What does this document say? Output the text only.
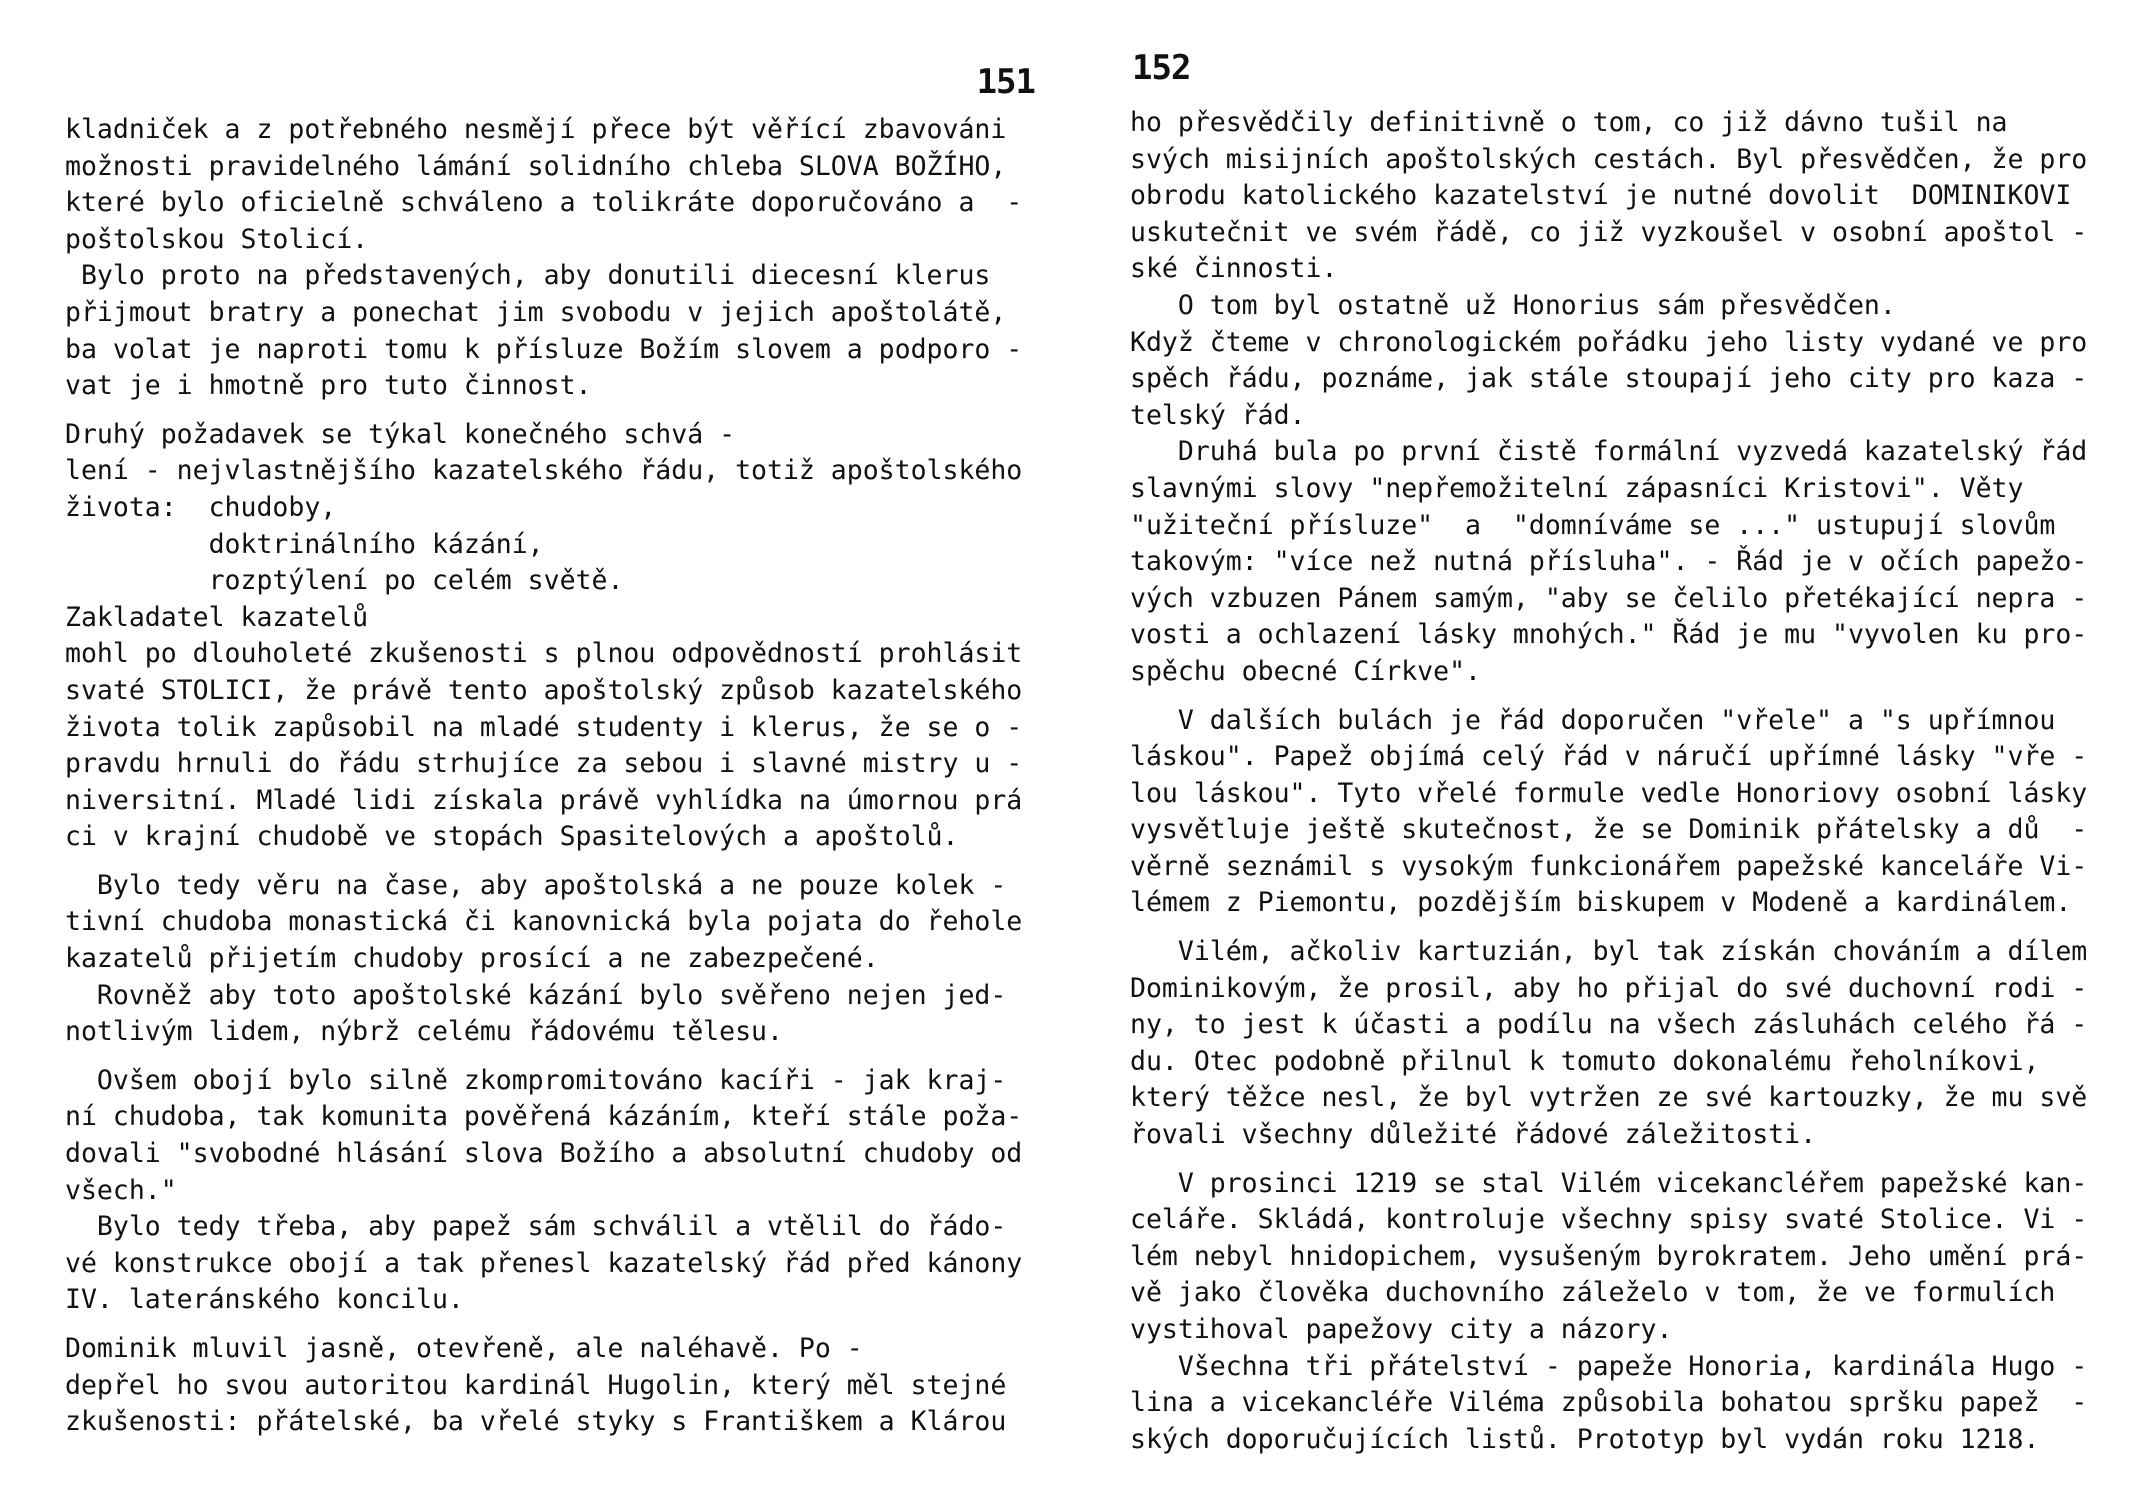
151
kladniček a z potřebného nesmějí přece být věřící zbavováni
možnosti pravidelného lámání solidního chleba SLOVA BOŽÍHO,
které bylo oficielně schváleno a tolikráte doporučováno a  -
poštolskou Stolicí.
Bylo proto na představených, aby donutili diecesní klerus
přijmout bratry a ponechat jim svobodu v jejich apoštolátě,
ba volat je naproti tomu k přísluze Božím slovem a podporo -
vat je i hmotně pro tuto činnost.
Druhý požadavek se týkal konečného schvá -
lení - nejvlastnějšího kazatelského řádu, totiž apoštolského
života:  chudoby,
doktrinálního kázání,
rozptýlení po celém světě.
Zakladatel kazatelů
mohl po dlouholeté zkušenosti s plnou odpovědností prohlásit
svaté STOLICI, že právě tento apoštolský způsob kazatelského
života tolik zapůsobil na mladé studenty i klerus, že se o -
pravdu hrnuli do řádu strhujíce za sebou i slavné mistry u -
niversitní. Mladé lidi získala právě vyhlídka na úmornou prá
ci v krajní chudobě ve stopách Spasitelových a apoštolů.
Bylo tedy věru na čase, aby apoštolská a ne pouze kolek -
tivní chudoba monastická či kanovnická byla pojata do řehole
kazatelů přijetím chudoby prosící a ne zabezpečené.
Rovněž aby toto apoštolské kázání bylo svěřeno nejen jed-
notlivým lidem, nýbrž celému řádovému tělesu.
Ovšem obojí bylo silně zkompromitováno kacíři - jak kraj-
ní chudoba, tak komunita pověřená kázáním, kteří stále poža-
dovali "svobodné hlásání slova Božího a absolutní chudoby od
všech."
Bylo tedy třeba, aby papež sám schválil a vtělil do řádo-
vé konstrukce obojí a tak přenesl kazatelský řád před kánony
IV. lateránského koncilu.
Dominik mluvil jasně, otevřeně, ale naléhavě. Po -
depřel ho svou autoritou kardinál Hugolin, který měl stejné
zkušenosti: přátelské, ba vřelé styky s Františkem a Klárou
152
ho přesvědčily definitivně o tom, co již dávno tušil na
svých misijních apoštolských cestách. Byl přesvědčen, že pro
obrodu katolického kazatelství je nutné dovolit  DOMINIKOVI
uskutečnit ve svém řádě, co již vyzkoušel v osobní apoštol -
ské činnosti.
O tom byl ostatně už Honorius sám přesvědčen.
Když čteme v chronologickém pořádku jeho listy vydané ve pro
spěch řádu, poznáme, jak stále stoupají jeho city pro kaza -
telský řád.
Druhá bula po první čistě formální vyzvedá kazatelský řád
slavnými slovy "nepřemožitelní zápasníci Kristovi". Věty
"užiteční přísluze"  a  "domníváme se ..." ustupují slovům
takovým: "více než nutná přísluha". - Řád je v očích papežo-
vých vzbuzen Pánem samým, "aby se čelilo přetékající nepra -
vosti a ochlazení lásky mnohých." Řád je mu "vyvolen ku pro-
spěchu obecné Církve".
V dalších bulách je řád doporučen "vřele" a "s upřímnou
láskou". Papež objímá celý řád v náručí upřímné lásky "vře -
lou láskou". Tyto vřelé formule vedle Honoriovy osobní lásky
vysvětluje ještě skutečnost, že se Dominik přátelsky a dů  -
věrně seznámil s vysokým funkcionářem papežské kanceláře Vi-
lémem z Piemontu, pozdějším biskupem v Modeně a kardinálem.
Vilém, ačkoliv kartuzián, byl tak získán chováním a dílem
Dominikovým, že prosil, aby ho přijal do své duchovní rodi -
ny, to jest k účasti a podílu na všech zásluhách celého řá -
du. Otec podobně přilnul k tomuto dokonalému řeholníkovi,
který těžce nesl, že byl vytržen ze své kartouzky, že mu svě
řovali všechny důležité řádové záležitosti.
V prosinci 1219 se stal Vilém vicekancléřem papežské kan-
celáře. Skládá, kontroluje všechny spisy svaté Stolice. Vi -
lém nebyl hnidopichem, vysušeným byrokratem. Jeho umění prá-
vě jako člověka duchovního záleželo v tom, že ve formulích
vystihoval papežovy city a názory.
Všechna tři přátelství - papeže Honoria, kardinála Hugo -
lina a vicekancléře Viléma způsobila bohatou spršku papež  -
ských doporučujících listů. Prototyp byl vydán roku 1218.
